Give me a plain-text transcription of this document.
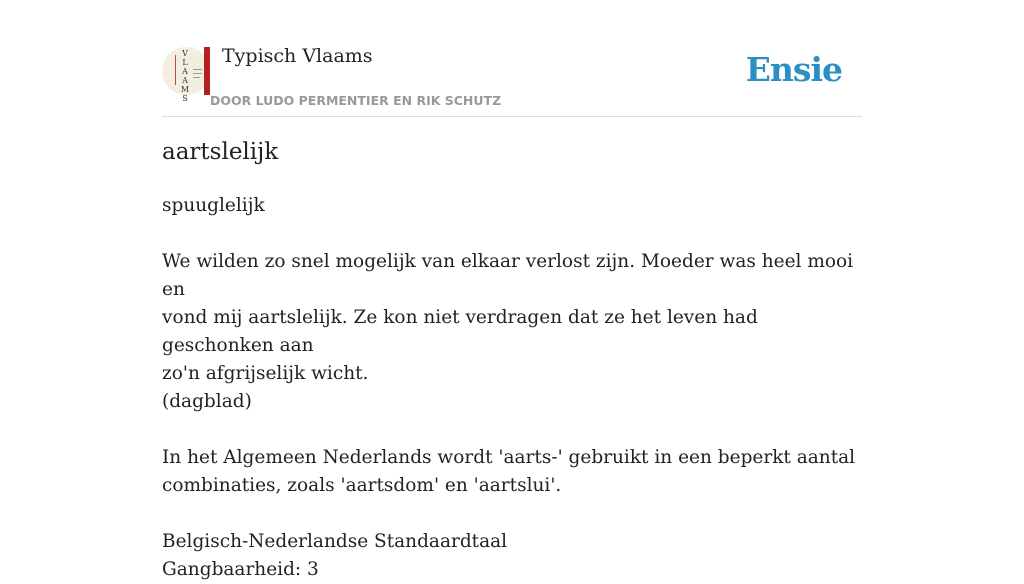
V
L
A
A
M
S
Typisch Vlaams
DOOR LUDO PERMENTIER EN RIK SCHUTZ
Ensie
aartslelijk

spuuglelijk

We wilden zo snel mogelijk van elkaar verlost zijn. Moeder was heel mooi en

vond mij aartslelijk. Ze kon niet verdragen dat ze het leven had geschonken aan

zo'n afgrijselijk wicht.

(dagblad)

In het Algemeen Nederlands wordt 'aarts-' gebruikt in een beperkt aantal

combinaties, zoals 'aartsdom' en 'aartslui'.

Belgisch-Nederlandse Standaardtaal

Gangbaarheid: 3
